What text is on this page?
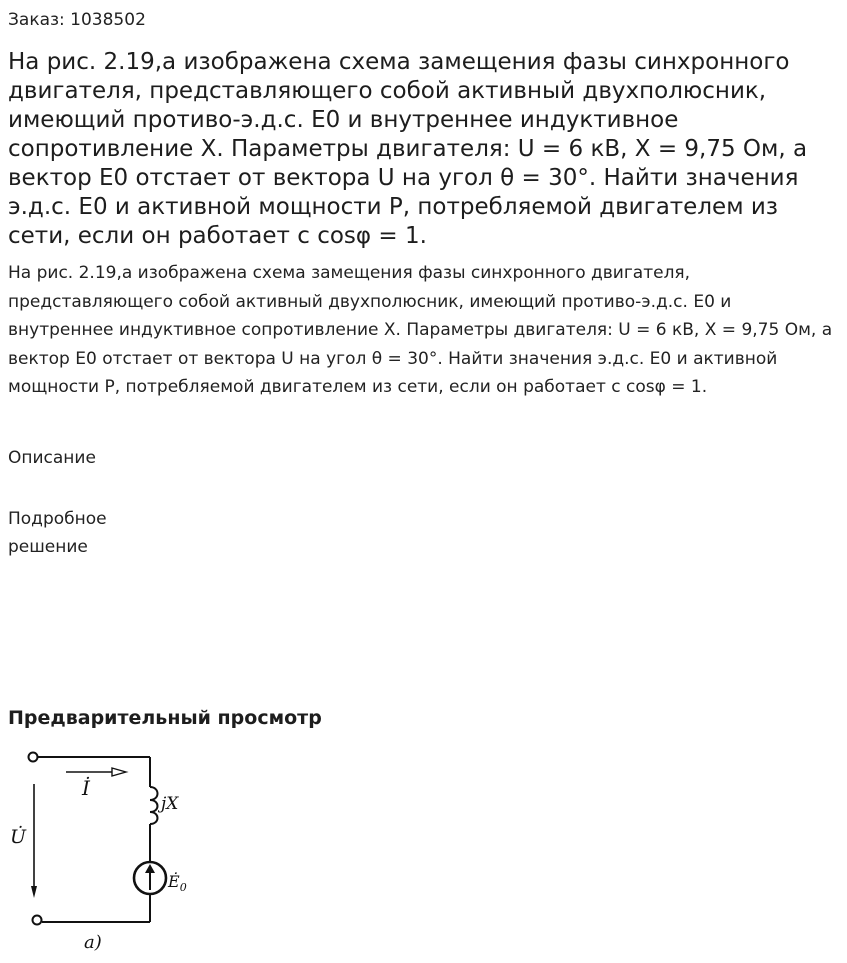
Заказ: 1038502
На рис. 2.19,а изображена схема замещения фазы синхронного двигателя, представляющего собой активный двухполюсник, имеющий противо-э.д.с. Е0 и внутреннее индуктивное сопротивление Х. Параметры двигателя: U = 6 кВ, Х = 9,75 Ом, а вектор Е0 отстает от вектора U на угол θ = 30°. Найти значения э.д.с. Е0 и активной мощности Р, потребляемой двигателем из сети, если он работает с cosφ = 1.

На рис. 2.19,а изображена схема замещения фазы синхронного двигателя, представляющего собой активный двухполюсник, имеющий противо-э.д.с. Е0 и внутреннее индуктивное сопротивление Х. Параметры двигателя: U = 6 кВ, Х = 9,75 Ом, а вектор Е0 отстает от вектора U на угол θ = 30°. Найти значения э.д.с. Е0 и активной мощности Р, потребляемой двигателем из сети, если он работает с cosφ = 1.

Описание
Подробное решение
Предварительный просмотр
İ
jX
U̇
$Ė_0$
а)
